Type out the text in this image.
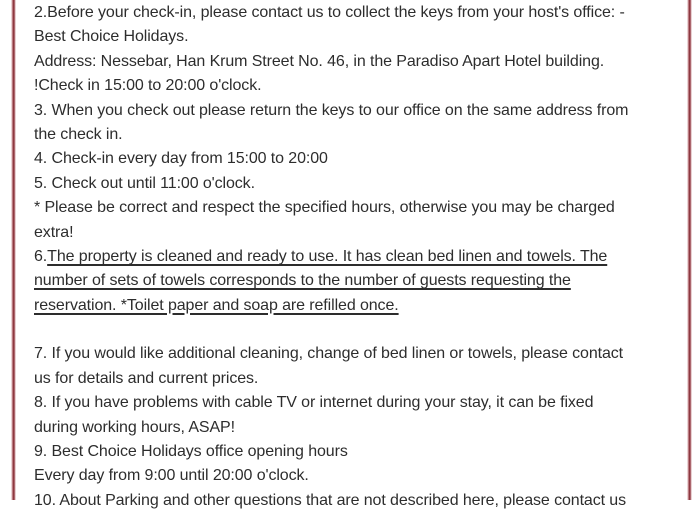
2.Before your check-in, please contact us to collect the keys from your host's office: -
Best Choice Holidays.
Address: Nessebar, Han Krum Street No. 46, in the Paradiso Apart Hotel building.
!Check in 15:00 to 20:00 o'clock.
3. When you check out please return the keys to our office on the same address from
the check in.
4. Check-in every day from 15:00 to 20:00
5. Check out until 11:00 o'clock.
* Please be correct and respect the specified hours, otherwise you may be charged
extra!
6.The property is cleaned and ready to use. It has clean bed linen and towels. The
number of sets of towels corresponds to the number of guests requesting the
reservation. *Toilet paper and soap are refilled once.
7. If you would like additional cleaning, change of bed linen or towels, please contact
us for details and current prices.
8. If you have problems with cable TV or internet during your stay, it can be fixed
during working hours, ASAP!
9. Best Choice Holidays office opening hours
Every day from 9:00 until 20:00 o'clock.
10. About Parking and other questions that are not described here, please contact us
